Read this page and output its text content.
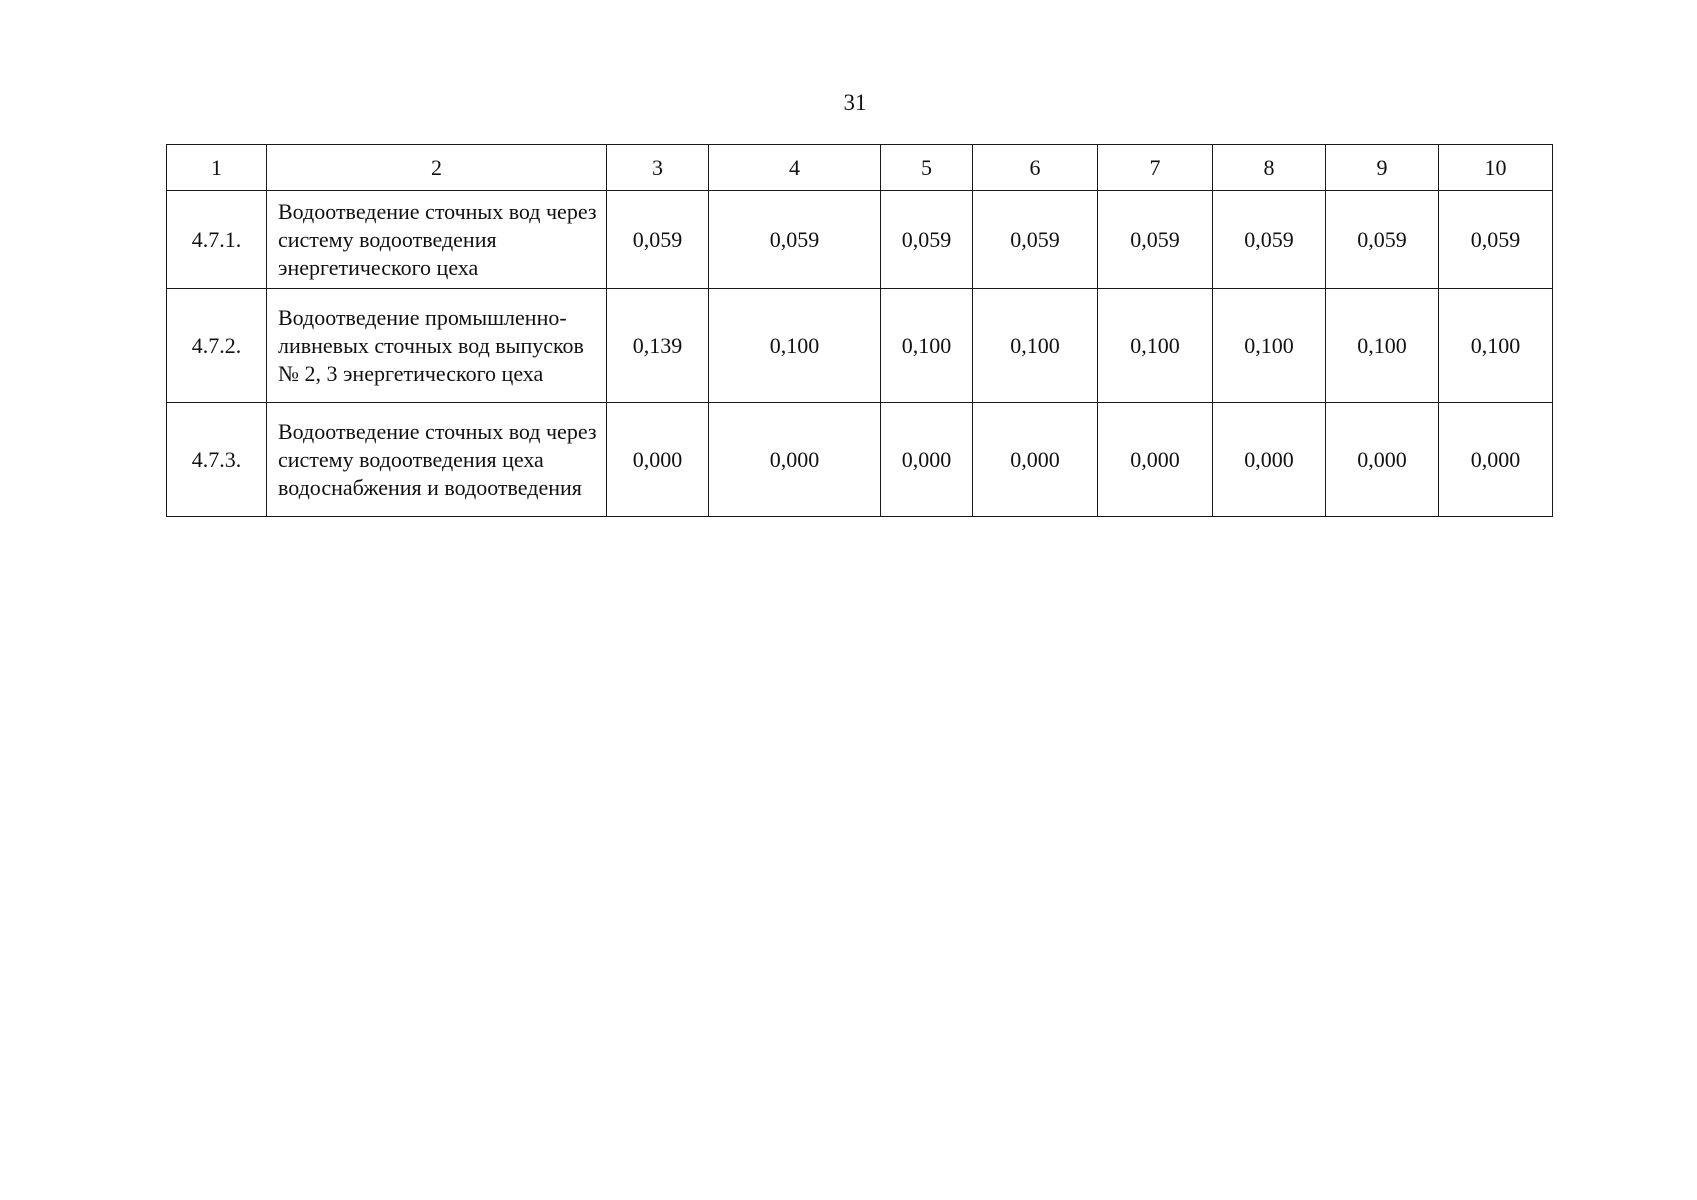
31
1	2	3	4	5	6	7	8	9	10
4.7.1.	Водоотведение сточных вод через систему водоотведения энергетического цеха	0,059	0,059	0,059	0,059	0,059	0,059	0,059	0,059
4.7.2.	Водоотведение промышленно-ливневых сточных вод выпусков № 2, 3 энергетического цеха	0,139	0,100	0,100	0,100	0,100	0,100	0,100	0,100
4.7.3.	Водоотведение сточных вод через систему водоотведения цеха водоснабжения и водоотведения	0,000	0,000	0,000	0,000	0,000	0,000	0,000	0,000
